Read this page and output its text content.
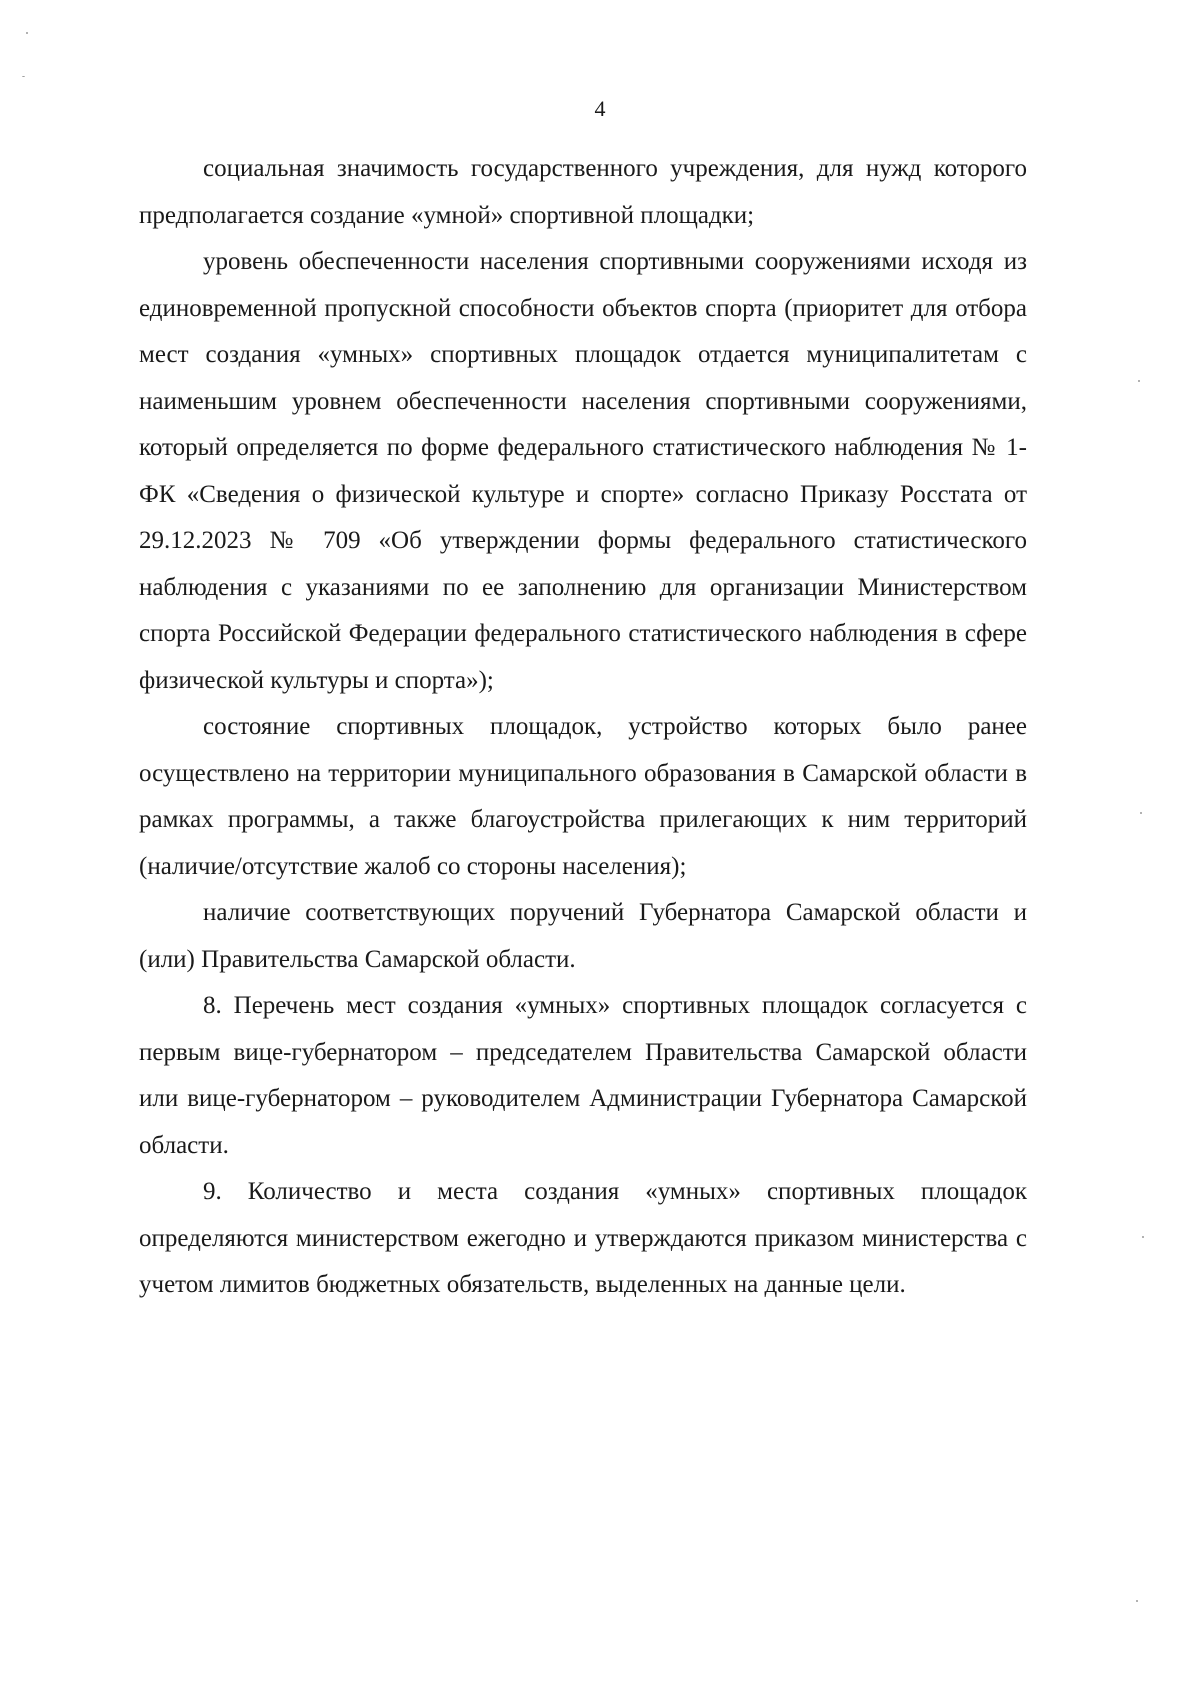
4

социальная значимость государственного учреждения, для нужд которого предполагается создание «умной» спортивной площадки;

уровень обеспеченности населения спортивными сооружениями исходя из единовременной пропускной способности объектов спорта (приоритет для отбора мест создания «умных» спортивных площадок отдается муниципалитетам с наименьшим уровнем обеспеченности населения спортивными сооружениями, который определяется по форме федерального статистического наблюдения № 1-ФК «Сведения о физической культуре и спорте» согласно Приказу Росстата от 29.12.2023 № 709 «Об утверждении формы федерального статистического наблюдения с указаниями по ее заполнению для организации Министерством спорта Российской Федерации федерального статистического наблюдения в сфере физической культуры и спорта»);

состояние спортивных площадок, устройство которых было ранее осуществлено на территории муниципального образования в Самарской области в рамках программы, а также благоустройства прилегающих к ним территорий (наличие/отсутствие жалоб со стороны населения);

наличие соответствующих поручений Губернатора Самарской области и (или) Правительства Самарской области.

8. Перечень мест создания «умных» спортивных площадок согласуется с первым вице-губернатором – председателем Правительства Самарской области или вице-губернатором – руководителем Администрации Губернатора Самарской области.

9. Количество и места создания «умных» спортивных площадок определяются министерством ежегодно и утверждаются приказом министерства с учетом лимитов бюджетных обязательств, выделенных на данные цели.
